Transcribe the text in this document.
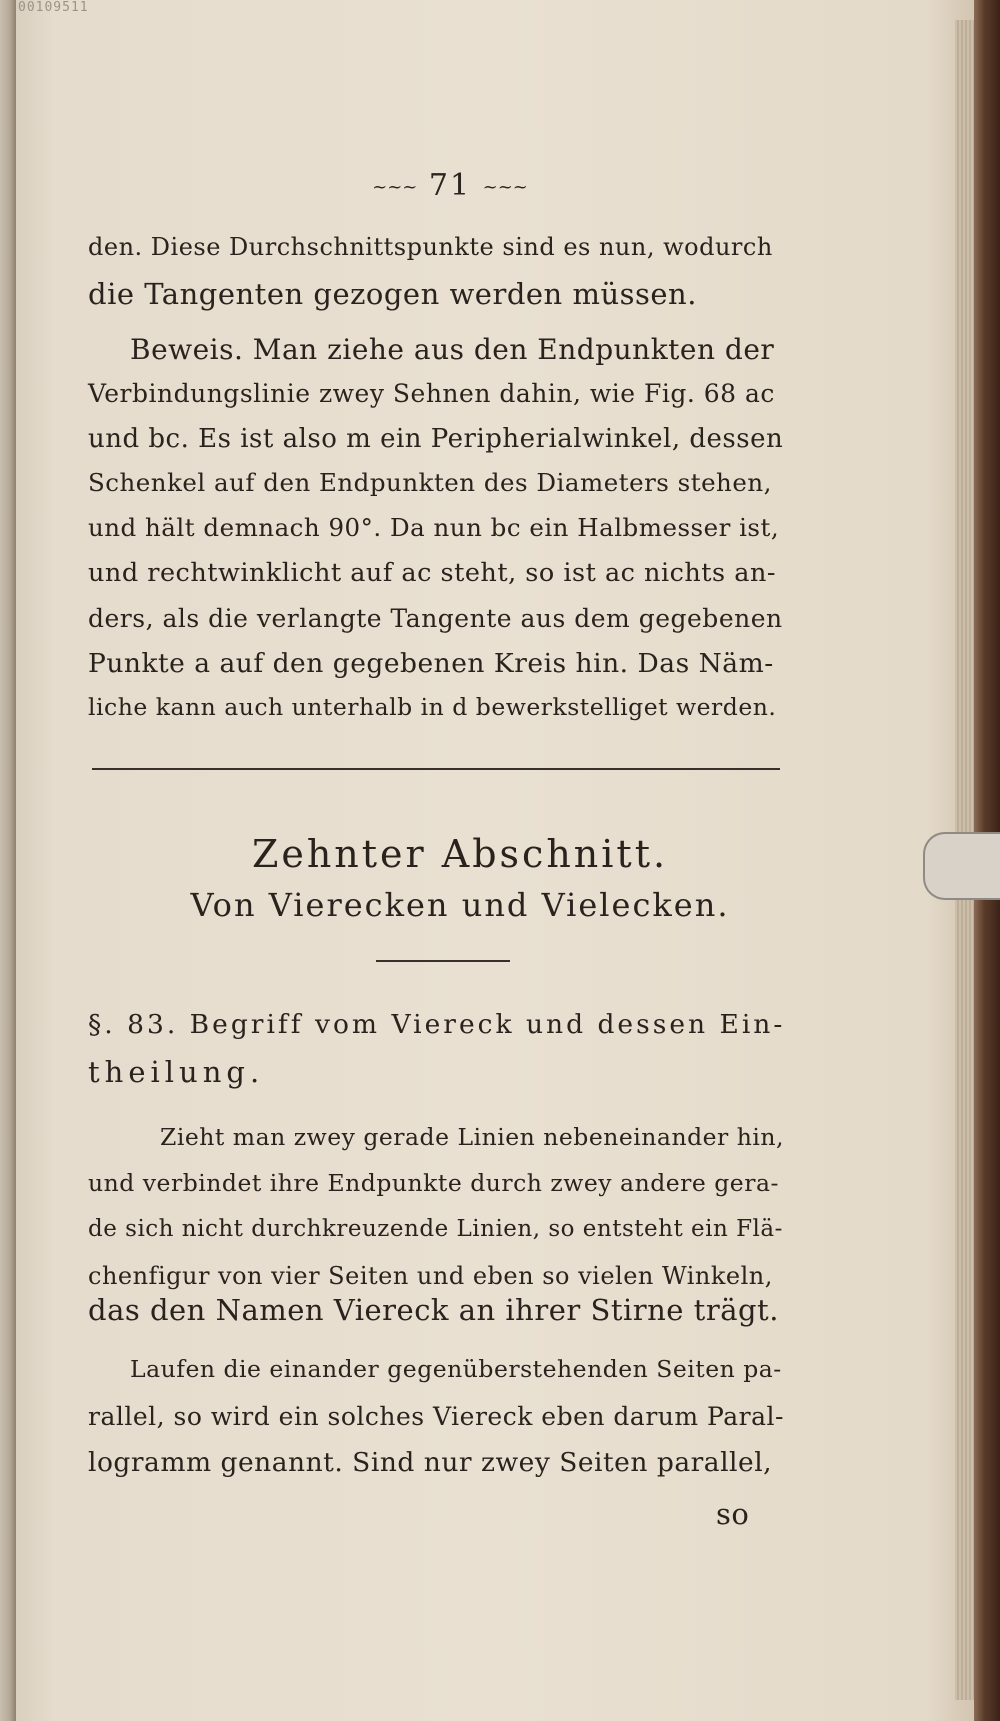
00109511
~~~ 71 ~~~
den. Diese Durchschnittspunkte sind es nun, wodurch
die Tangenten gezogen werden müssen.
Beweis. Man ziehe aus den Endpunkten der
Verbindungslinie zwey Sehnen dahin, wie Fig. 68 ac
und bc. Es ist also m ein Peripherialwinkel, dessen
Schenkel auf den Endpunkten des Diameters stehen,
und hält demnach 90°. Da nun bc ein Halbmesser ist,
und rechtwinklicht auf ac steht, so ist ac nichts an-
ders, als die verlangte Tangente aus dem gegebenen
Punkte a auf den gegebenen Kreis hin. Das Näm-
liche kann auch unterhalb in d bewerkstelliget werden.
Zehnter Abschnitt.
Von Vierecken und Vielecken.
§. 83. Begriff vom Viereck und dessen Ein-
theilung.
Zieht man zwey gerade Linien nebeneinander hin,
und verbindet ihre Endpunkte durch zwey andere gera-
de sich nicht durchkreuzende Linien, so entsteht ein Flä-
chenfigur von vier Seiten und eben so vielen Winkeln,
das den Namen Viereck an ihrer Stirne trägt.
Laufen die einander gegenüberstehenden Seiten pa-
rallel, so wird ein solches Viereck eben darum Paral-
logramm genannt. Sind nur zwey Seiten parallel,
so
